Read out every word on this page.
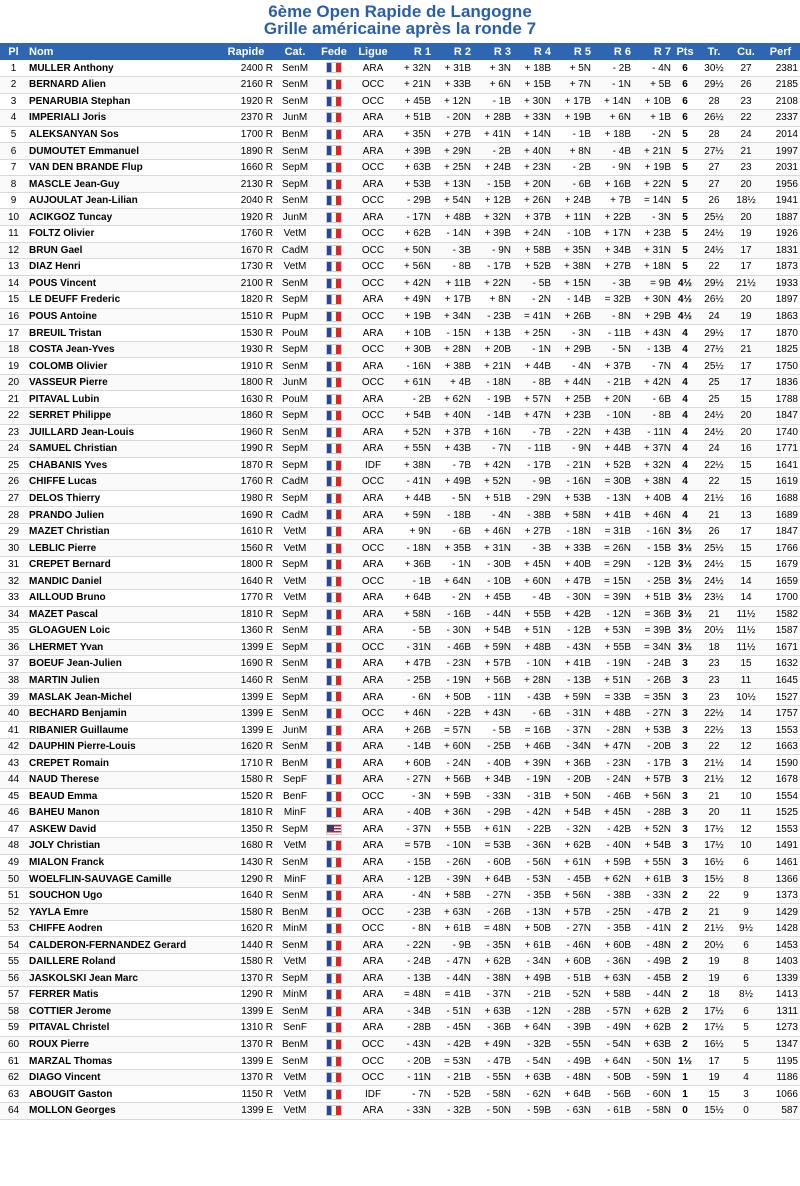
6ème Open Rapide de Langogne
Grille américaine après la ronde 7
Pl	Nom	Rapide	Cat.	Fede	Ligue	R 1	R 2	R 3	R 4	R 5	R 6	R 7	Pts	Tr.	Cu.	Perf
1	MULLER Anthony	2400 R	SenM		ARA	+ 32N	+ 31B	+ 3N	+ 18B	+ 5N	- 2B	- 4N	6	30½	27	2381
2	BERNARD Alien	2160 R	SenM		OCC	+ 21N	+ 33B	+ 6N	+ 15B	+ 7N	- 1N	+ 5B	6	29½	26	2185
3	PENARUBIA Stephan	1920 R	SenM		OCC	+ 45B	+ 12N	- 1B	+ 30N	+ 17B	+ 14N	+ 10B	6	28	23	2108
4	IMPERIALI Joris	2370 R	JunM		ARA	+ 51B	- 20N	+ 28B	+ 33N	+ 19B	+ 6N	+ 1B	6	26½	22	2337
5	ALEKSANYAN Sos	1700 R	BenM		ARA	+ 35N	+ 27B	+ 41N	+ 14N	- 1B	+ 18B	- 2N	5	28	24	2014
6	DUMOUTET Emmanuel	1890 R	SenM		ARA	+ 39B	+ 29N	- 2B	+ 40N	+ 8N	- 4B	+ 21N	5	27½	21	1997
7	VAN DEN BRANDE Flup	1660 R	SepM		OCC	+ 63B	+ 25N	+ 24B	+ 23N	- 2B	- 9N	+ 19B	5	27	23	2031
8	MASCLE Jean-Guy	2130 R	SepM		ARA	+ 53B	+ 13N	- 15B	+ 20N	- 6B	+ 16B	+ 22N	5	27	20	1956
9	AUJOULAT Jean-Lilian	2040 R	SenM		OCC	- 29B	+ 54N	+ 12B	+ 26N	+ 24B	+ 7B	= 14N	5	26	18½	1941
10	ACIKGOZ Tuncay	1920 R	JunM		ARA	- 17N	+ 48B	+ 32N	+ 37B	+ 11N	+ 22B	- 3N	5	25½	20	1887
11	FOLTZ Olivier	1760 R	VetM		OCC	+ 62B	- 14N	+ 39B	+ 24N	- 10B	+ 17N	+ 23B	5	24½	19	1926
12	BRUN Gael	1670 R	CadM		OCC	+ 50N	- 3B	- 9N	+ 58B	+ 35N	+ 34B	+ 31N	5	24½	17	1831
13	DIAZ Henri	1730 R	VetM		OCC	+ 56N	- 8B	- 17B	+ 52B	+ 38N	+ 27B	+ 18N	5	22	17	1873
14	POUS Vincent	2100 R	SenM		OCC	+ 42N	+ 11B	+ 22N	- 5B	+ 15N	- 3B	= 9B	4½	29½	21½	1933
15	LE DEUFF Frederic	1820 R	SepM		ARA	+ 49N	+ 17B	+ 8N	- 2N	- 14B	= 32B	+ 30N	4½	26½	20	1897
16	POUS Antoine	1510 R	PupM		OCC	+ 19B	+ 34N	- 23B	= 41N	+ 26B	- 8N	+ 29B	4½	24	19	1863
17	BREUIL Tristan	1530 R	PouM		ARA	+ 10B	- 15N	+ 13B	+ 25N	- 3N	- 11B	+ 43N	4	29½	17	1870
18	COSTA Jean-Yves	1930 R	SepM		OCC	+ 30B	+ 28N	+ 20B	- 1N	+ 29B	- 5N	- 13B	4	27½	21	1825
19	COLOMB Olivier	1910 R	SenM		ARA	- 16N	+ 38B	+ 21N	+ 44B	- 4N	+ 37B	- 7N	4	25½	17	1750
20	VASSEUR Pierre	1800 R	JunM		OCC	+ 61N	+ 4B	- 18N	- 8B	+ 44N	- 21B	+ 42N	4	25	17	1836
21	PITAVAL Lubin	1630 R	PouM		ARA	- 2B	+ 62N	- 19B	+ 57N	+ 25B	+ 20N	- 6B	4	25	15	1788
22	SERRET Philippe	1860 R	SepM		OCC	+ 54B	+ 40N	- 14B	+ 47N	+ 23B	- 10N	- 8B	4	24½	20	1847
23	JUILLARD Jean-Louis	1960 R	SenM		ARA	+ 52N	+ 37B	+ 16N	- 7B	- 22N	+ 43B	- 11N	4	24½	20	1740
24	SAMUEL Christian	1990 R	SepM		ARA	+ 55N	+ 43B	- 7N	- 11B	- 9N	+ 44B	+ 37N	4	24	16	1771
25	CHABANIS Yves	1870 R	SepM		IDF	+ 38N	- 7B	+ 42N	- 17B	- 21N	+ 52B	+ 32N	4	22½	15	1641
26	CHIFFE Lucas	1760 R	CadM		OCC	- 41N	+ 49B	+ 52N	- 9B	- 16N	= 30B	+ 38N	4	22	15	1619
27	DELOS Thierry	1980 R	SepM		ARA	+ 44B	- 5N	+ 51B	- 29N	+ 53B	- 13N	+ 40B	4	21½	16	1688
28	PRANDO Julien	1690 R	CadM		ARA	+ 59N	- 18B	- 4N	- 38B	+ 58N	+ 41B	+ 46N	4	21	13	1689
29	MAZET Christian	1610 R	VetM		ARA	+ 9N	- 6B	+ 46N	+ 27B	- 18N	= 31B	- 16N	3½	26	17	1847
30	LEBLIC Pierre	1560 R	VetM		OCC	- 18N	+ 35B	+ 31N	- 3B	+ 33B	= 26N	- 15B	3½	25½	15	1766
31	CREPET Bernard	1800 R	SepM		ARA	+ 36B	- 1N	- 30B	+ 45N	+ 40B	= 29N	- 12B	3½	24½	15	1679
32	MANDIC Daniel	1640 R	VetM		OCC	- 1B	+ 64N	- 10B	+ 60N	+ 47B	= 15N	- 25B	3½	24½	14	1659
33	AILLOUD Bruno	1770 R	VetM		ARA	+ 64B	- 2N	+ 45B	- 4B	- 30N	= 39N	+ 51B	3½	23½	14	1700
34	MAZET Pascal	1810 R	SepM		ARA	+ 58N	- 16B	- 44N	+ 55B	+ 42B	- 12N	= 36B	3½	21	11½	1582
35	GLOAGUEN Loic	1360 R	SenM		ARA	- 5B	- 30N	+ 54B	+ 51N	- 12B	+ 53N	= 39B	3½	20½	11½	1587
36	LHERMET Yvan	1399 E	SepM		OCC	- 31N	- 46B	+ 59N	+ 48B	- 43N	+ 55B	= 34N	3½	18	11½	1671
37	BOEUF Jean-Julien	1690 R	SenM		ARA	+ 47B	- 23N	+ 57B	- 10N	+ 41B	- 19N	- 24B	3	23	15	1632
38	MARTIN Julien	1460 R	SenM		ARA	- 25B	- 19N	+ 56B	+ 28N	- 13B	+ 51N	- 26B	3	23	11	1645
39	MASLAK Jean-Michel	1399 E	SepM		ARA	- 6N	+ 50B	- 11N	- 43B	+ 59N	= 33B	= 35N	3	23	10½	1527
40	BECHARD Benjamin	1399 E	SenM		OCC	+ 46N	- 22B	+ 43N	- 6B	- 31N	+ 48B	- 27N	3	22½	14	1757
41	RIBANIER Guillaume	1399 E	JunM		ARA	+ 26B	= 57N	- 5B	= 16B	- 37N	- 28N	+ 53B	3	22½	13	1553
42	DAUPHIN Pierre-Louis	1620 R	SenM		ARA	- 14B	+ 60N	- 25B	+ 46B	- 34N	+ 47N	- 20B	3	22	12	1663
43	CREPET Romain	1710 R	BenM		ARA	+ 60B	- 24N	- 40B	+ 39N	+ 36B	- 23N	- 17B	3	21½	14	1590
44	NAUD Therese	1580 R	SepF		ARA	- 27N	+ 56B	+ 34B	- 19N	- 20B	- 24N	+ 57B	3	21½	12	1678
45	BEAUD Emma	1520 R	BenF		OCC	- 3N	+ 59B	- 33N	- 31B	+ 50N	- 46B	+ 56N	3	21	10	1554
46	BAHEU Manon	1810 R	MinF		ARA	- 40B	+ 36N	- 29B	- 42N	+ 54B	+ 45N	- 28B	3	20	11	1525
47	ASKEW David	1350 R	SepM		ARA	- 37N	+ 55B	+ 61N	- 22B	- 32N	- 42B	+ 52N	3	17½	12	1553
48	JOLY Christian	1680 R	VetM		ARA	= 57B	- 10N	= 53B	- 36N	+ 62B	- 40N	+ 54B	3	17½	10	1491
49	MIALON Franck	1430 R	SenM		ARA	- 15B	- 26N	- 60B	- 56N	+ 61N	+ 59B	+ 55N	3	16½	6	1461
50	WOELFLIN-SAUVAGE Camille	1290 R	MinF		ARA	- 12B	- 39N	+ 64B	- 53N	- 45B	+ 62N	+ 61B	3	15½	8	1366
51	SOUCHON Ugo	1640 R	SenM		ARA	- 4N	+ 58B	- 27N	- 35B	+ 56N	- 38B	- 33N	2	22	9	1373
52	YAYLA Emre	1580 R	BenM		OCC	- 23B	+ 63N	- 26B	- 13N	+ 57B	- 25N	- 47B	2	21	9	1429
53	CHIFFE Aodren	1620 R	MinM		OCC	- 8N	+ 61B	= 48N	+ 50B	- 27N	- 35B	- 41N	2	21½	9½	1428
54	CALDERON-FERNANDEZ Gerard	1440 R	SenM		ARA	- 22N	- 9B	- 35N	+ 61B	- 46N	+ 60B	- 48N	2	20½	6	1453
55	DAILLERE Roland	1580 R	VetM		ARA	- 24B	- 47N	+ 62B	- 34N	+ 60B	- 36N	- 49B	2	19	8	1403
56	JASKOLSKI Jean Marc	1370 R	SepM		ARA	- 13B	- 44N	- 38N	+ 49B	- 51B	+ 63N	- 45B	2	19	6	1339
57	FERRER Matis	1290 R	MinM		ARA	= 48N	= 41B	- 37N	- 21B	- 52N	+ 58B	- 44N	2	18	8½	1413
58	COTTIER Jerome	1399 E	SenM		ARA	- 34B	- 51N	+ 63B	- 12N	- 28B	- 57N	+ 62B	2	17½	6	1311
59	PITAVAL Christel	1310 R	SenF		ARA	- 28B	- 45N	- 36B	+ 64N	- 39B	- 49N	+ 62B	2	17½	5	1273
60	ROUX Pierre	1370 R	BenM		OCC	- 43N	- 42B	+ 49N	- 32B	- 55N	- 54N	+ 63B	2	16½	5	1347
61	MARZAL Thomas	1399 E	SenM		OCC	- 20B	= 53N	- 47B	- 54N	- 49B	+ 64N	- 50N	1½	17	5	1195
62	DIAGO Vincent	1370 R	VetM		OCC	- 11N	- 21B	- 55N	+ 63B	- 48N	- 50B	- 59N	1	19	4	1186
63	ABOUGIT Gaston	1150 R	VetM		IDF	- 7N	- 52B	- 58N	- 62N	+ 64B	- 56B	- 60N	1	15	3	1066
64	MOLLON Georges	1399 E	VetM		ARA	- 33N	- 32B	- 50N	- 59B	- 63N	- 61B	- 58N	0	15½	0	587
